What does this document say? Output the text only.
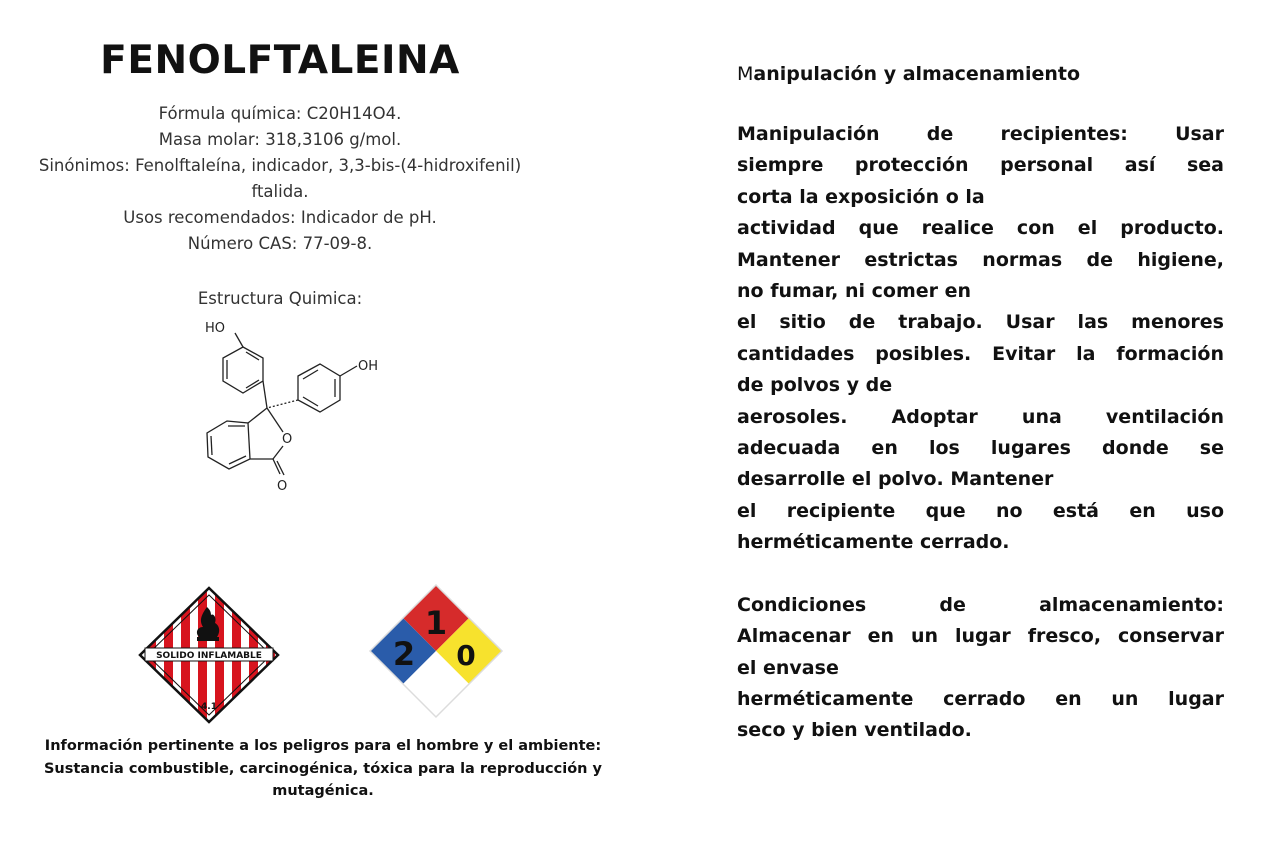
FENOLFTALEINA
Fórmula química: C20H14O4.
Masa molar: 318,3106 g/mol.
Sinónimos: Fenolftaleína, indicador, 3,3-bis-(4-hidroxifenil)
ftalida.
Usos recomendados: Indicador de pH.
Número CAS: 77-09-8.
Estructura Quimica:
HO
OH
O
O
SOLIDO INFLAMABLE
4.1
1
2 0
Información pertinente a los peligros para el hombre y el ambiente:
Sustancia combustible, carcinogénica, tóxica para la reproducción y
mutagénica.
Manipulación y almacenamiento
Manipulación de recipientes: Usar
siempre protección personal así sea
corta la exposición o la
actividad que realice con el producto.
Mantener estrictas normas de higiene,
no fumar, ni comer en
el sitio de trabajo. Usar las menores
cantidades posibles. Evitar la formación
de polvos y de
aerosoles. Adoptar una ventilación
adecuada en los lugares donde se
desarrolle el polvo. Mantener
el recipiente que no está en uso
herméticamente cerrado.
Condiciones de almacenamiento:
Almacenar en un lugar fresco, conservar
el envase
herméticamente cerrado en un lugar
seco y bien ventilado.
